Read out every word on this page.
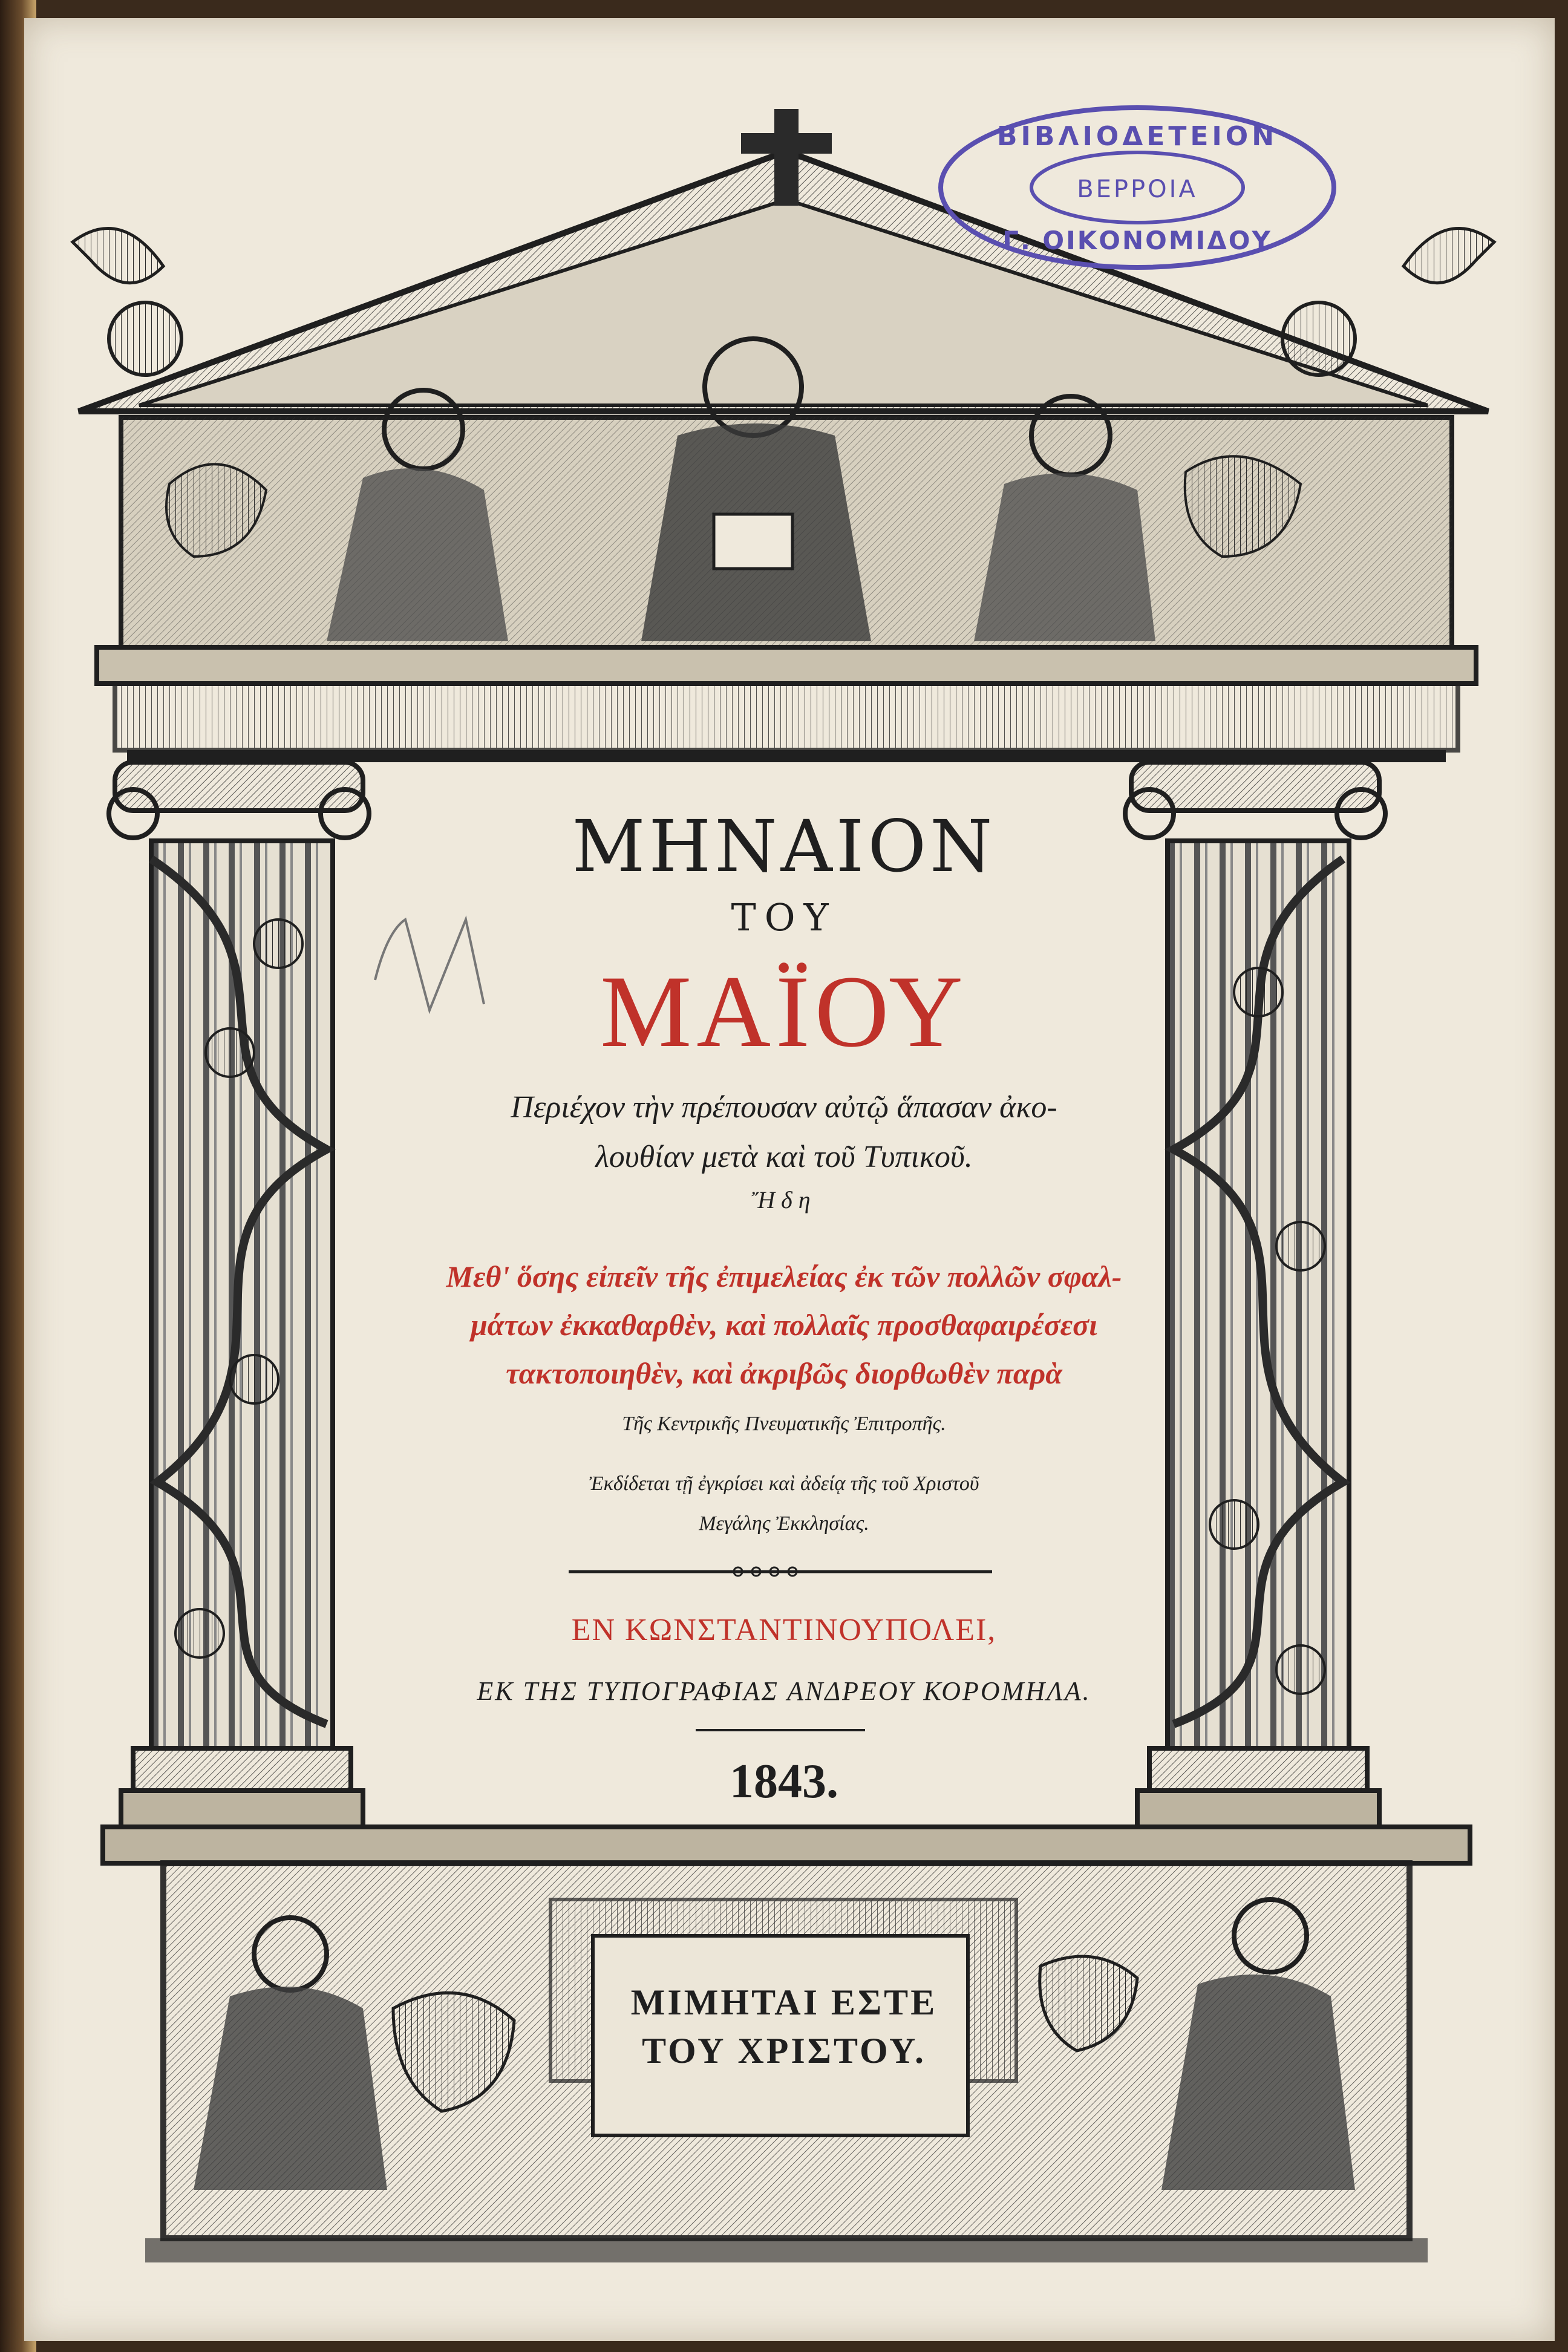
ΒΙΒΛΙΟΔΕΤΕΙΟΝ
ΒΕΡΡΟΙΑ
Γ. ΟΙΚΟΝΟΜΙΔΟΥ
ΜΗΝΑΙΟΝ
ΤΟΥ
ΜΑΪΟΥ
Περιέχον τὴν πρέπουσαν αὐτῷ ἅπασαν ἀκο-
λουθίαν μετὰ καὶ τοῦ Τυπικοῦ.
Ἤδη
Μεθ' ὅσης εἰπεῖν τῆς ἐπιμελείας ἐκ τῶν πολλῶν σφαλ-
μάτων ἐκκαθαρθὲν, καὶ πολλαῖς προσθαφαιρέσεσι
τακτοποιηθὲν, καὶ ἀκριβῶς διορθωθὲν παρὰ
Τῆς Κεντρικῆς Πνευματικῆς Ἐπιτροπῆς.
Ἐκδίδεται τῇ ἐγκρίσει καὶ ἀδείᾳ τῆς τοῦ Χριστοῦ
Μεγάλης Ἐκκλησίας.
ΕΝ ΚΩΝΣΤΑΝΤΙΝΟΥΠΟΛΕΙ,
ΕΚ ΤΗΣ ΤΥΠΟΓΡΑΦΙΑΣ ΑΝΔΡΕΟΥ ΚΟΡΟΜΗΛΑ.
1843.
ΜΙΜΗΤΑΙ ΕΣΤΕ
ΤΟΥ ΧΡΙΣΤΟΥ.
